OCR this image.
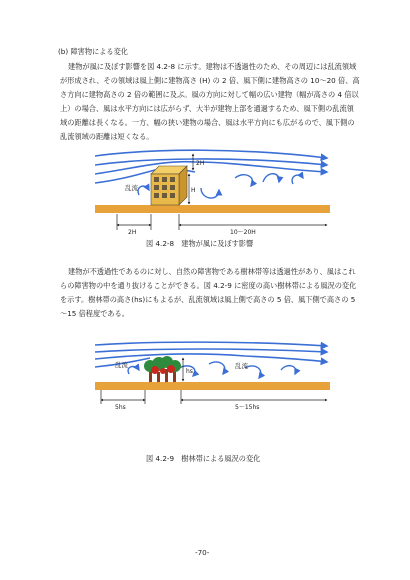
(b) 障害物による変化
建物が風に及ぼす影響を図 4.2-8 に示す。建物は不透過性のため、その周辺には乱流領域
が形成され、その領域は風上側に建物高さ (H) の 2 倍、風下側に建物高さの 10～20 倍、高
さ方向に建物高さの 2 倍の範囲に及ぶ。風の方向に対して幅の広い建物（幅が高さの 4 倍以
上）の場合、風は水平方向には広がらず、大半が建物上部を通過するため、風下側の乱流領
域の距離は長くなる。一方、幅の狭い建物の場合、風は水平方向にも広がるので、風下側の
乱流領域の距離は短くなる。
乱流
2H
H
2H	10～20H
図 4.2-8　建物が風に及ぼす影響
建物が不透過性であるのに対し、自然の障害物である樹林帯等は透過性があり、風はこれ
らの障害物の中を通り抜けることができる。図 4.2-9 に密度の高い樹林帯による風況の変化
を示す。樹林帯の高さ(hs)にもよるが、乱流領域は風上側で高さの 5 倍、風下側で高さの 5
～15 倍程度である。
乱流	乱流
hs
5hs	5～15hs
図 4.2-9　樹林帯による風況の変化
-70-
